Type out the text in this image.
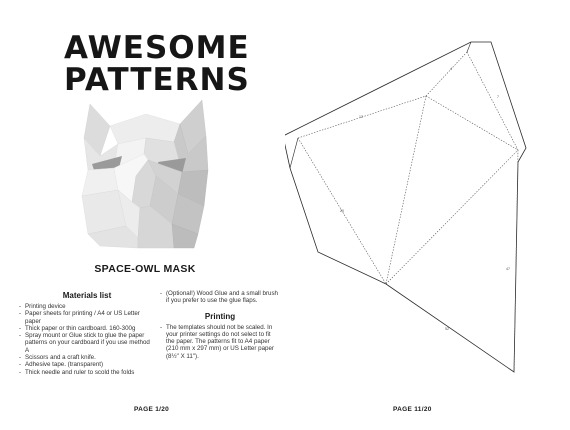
AWESOME
PATTERNS

SPACE-OWL MASK

Materials list

- Printing device
- Paper sheets for printing / A4 or US Letter paper
- Thick paper or thin cardboard. 160-300g
- Spray mount or Glue stick to glue the paper patterns on your cardboard if you use method A
- Scissors and a craft knife.
- Adhesive tape. (transparent)
- Thick needle and ruler to scold the folds
- (Optional!) Wood Glue and a small brush if you prefer to use the glue flaps.

Printing

- The templates should not be scaled. In your printer settings do not select to fit the paper. The patterns fit to A4 paper (210 mm x 297 mm) or US Letter paper (8½" X 11").

PAGE 1/20

4
7
12
20
47
52

PAGE 11/20
